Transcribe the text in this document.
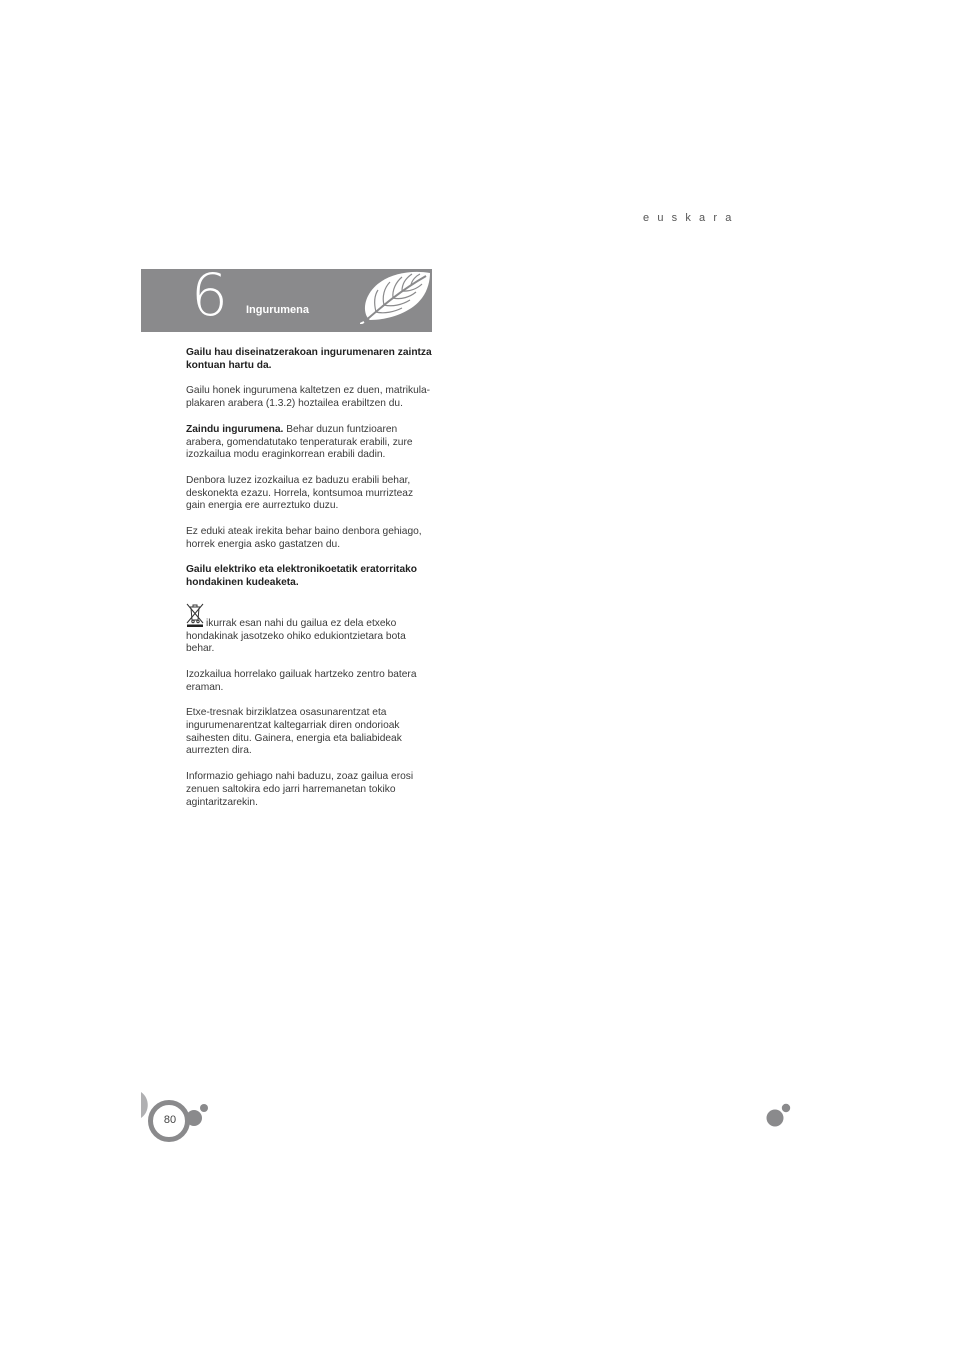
euskara
6 Ingurumena

Gailu hau diseinatzerakoan ingurumenaren zaintza kontuan hartu da.

Gailu honek ingurumena kaltetzen ez duen, matrikula-plakaren arabera (1.3.2) hoztailea erabiltzen du.

Zaindu ingurumena. Behar duzun funtzioaren arabera, gomendatutako tenperaturak erabili, zure izozkailua modu eraginkorrean erabili dadin.

Denbora luzez izozkailua ez baduzu erabili behar, deskonekta ezazu. Horrela, kontsumoa murrizteaz gain energia ere aurreztuko duzu.

Ez eduki ateak irekita behar baino denbora gehiago, horrek energia asko gastatzen du.

Gailu elektriko eta elektronikoetatik eratorritako hondakinen kudeaketa.

ikurrak esan nahi du gailua ez dela etxeko hondakinak jasotzeko ohiko edukiontzietara bota behar.

Izozkailua horrelako gailuak hartzeko zentro batera eraman.

Etxe-tresnak birziklatzea osasunarentzat eta ingurumenarentzat kaltegarriak diren ondorioak saihesten ditu. Gainera, energia eta baliabideak aurrezten dira.

Informazio gehiago nahi baduzu, zoaz gailua erosi zenuen saltokira edo jarri harremanetan tokiko agintaritzarekin.

80
